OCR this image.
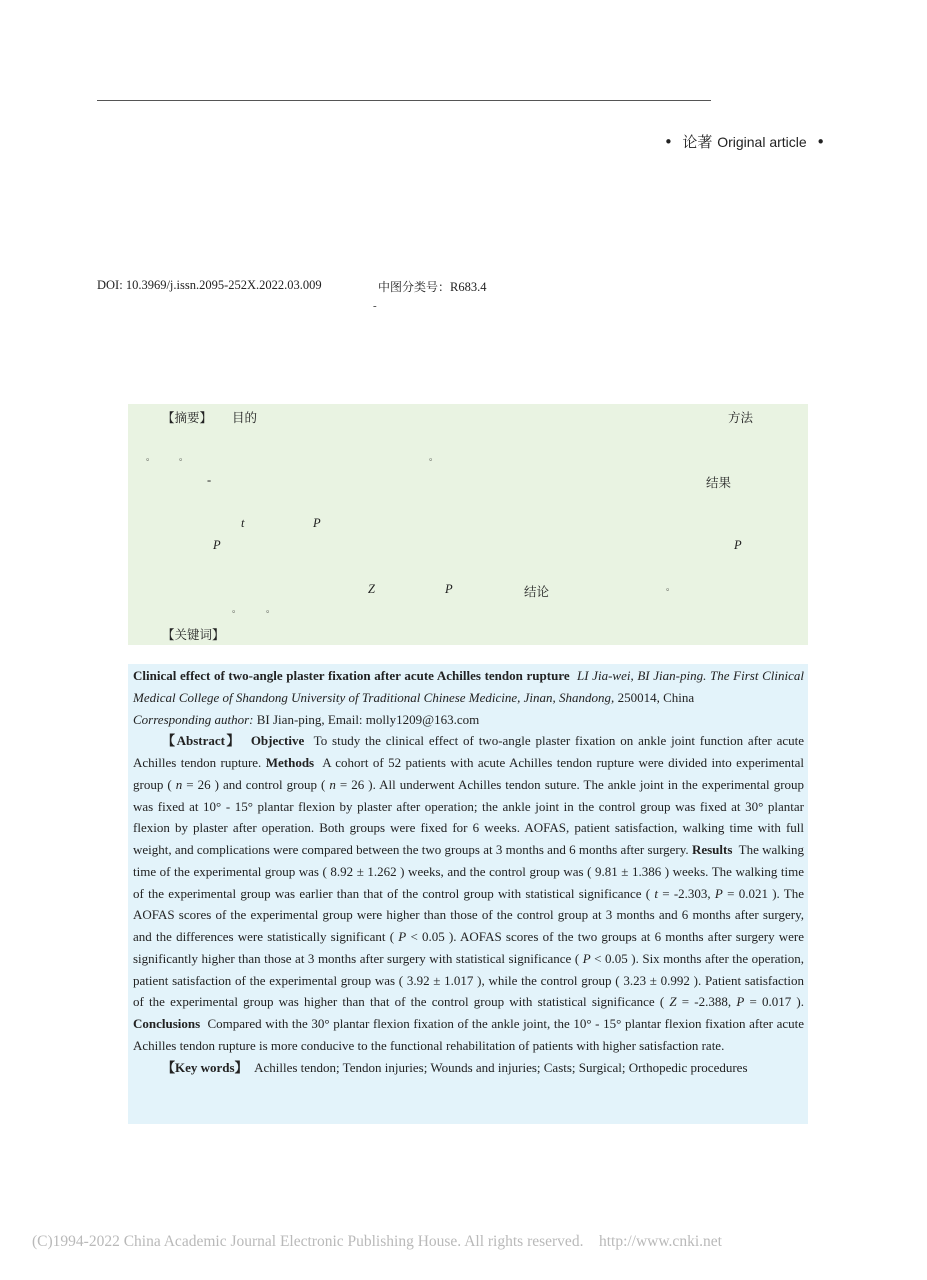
• 论著 Original article •
DOI: 10.3969/j.issn.2095-252X.2022.03.009	中图分类号：R683.4
-
【摘要】 目的	方法
。	。	。
-	结果
t	P
P	P
Z	P	结论	。
。	。
【关键词】

Clinical effect of two-angle plaster fixation after acute Achilles tendon rupture LI Jia-wei, BI Jian-ping. The First Clinical Medical College of Shandong University of Traditional Chinese Medicine, Jinan, Shandong, 250014, China
Corresponding author: BI Jian-ping, Email: molly1209@163.com

【Abstract】 Objective To study the clinical effect of two-angle plaster fixation on ankle joint function after acute Achilles tendon rupture. Methods A cohort of 52 patients with acute Achilles tendon rupture were divided into experimental group ( n = 26 ) and control group ( n = 26 ). All underwent Achilles tendon suture. The ankle joint in the experimental group was fixed at 10° - 15° plantar flexion by plaster after operation; the ankle joint in the control group was fixed at 30° plantar flexion by plaster after operation. Both groups were fixed for 6 weeks. AOFAS, patient satisfaction, walking time with full weight, and complications were compared between the two groups at 3 months and 6 months after surgery. Results The walking time of the experimental group was ( 8.92 ± 1.262 ) weeks, and the control group was ( 9.81 ± 1.386 ) weeks. The walking time of the experimental group was earlier than that of the control group with statistical significance ( t = -2.303, P = 0.021 ). The AOFAS scores of the experimental group were higher than those of the control group at 3 months and 6 months after surgery, and the differences were statistically significant ( P < 0.05 ). AOFAS scores of the two groups at 6 months after surgery were significantly higher than those at 3 months after surgery with statistical significance ( P < 0.05 ). Six months after the operation, patient satisfaction of the experimental group was ( 3.92 ± 1.017 ), while the control group ( 3.23 ± 0.992 ). Patient satisfaction of the experimental group was higher than that of the control group with statistical significance ( Z = -2.388, P = 0.017 ). Conclusions Compared with the 30° plantar flexion fixation of the ankle joint, the 10° - 15° plantar flexion fixation after acute Achilles tendon rupture is more conducive to the functional rehabilitation of patients with higher satisfaction rate.

【Key words】 Achilles tendon; Tendon injuries; Wounds and injuries; Casts; Surgical; Orthopedic procedures

(C)1994-2022 China Academic Journal Electronic Publishing House. All rights reserved. http://www.cnki.net
